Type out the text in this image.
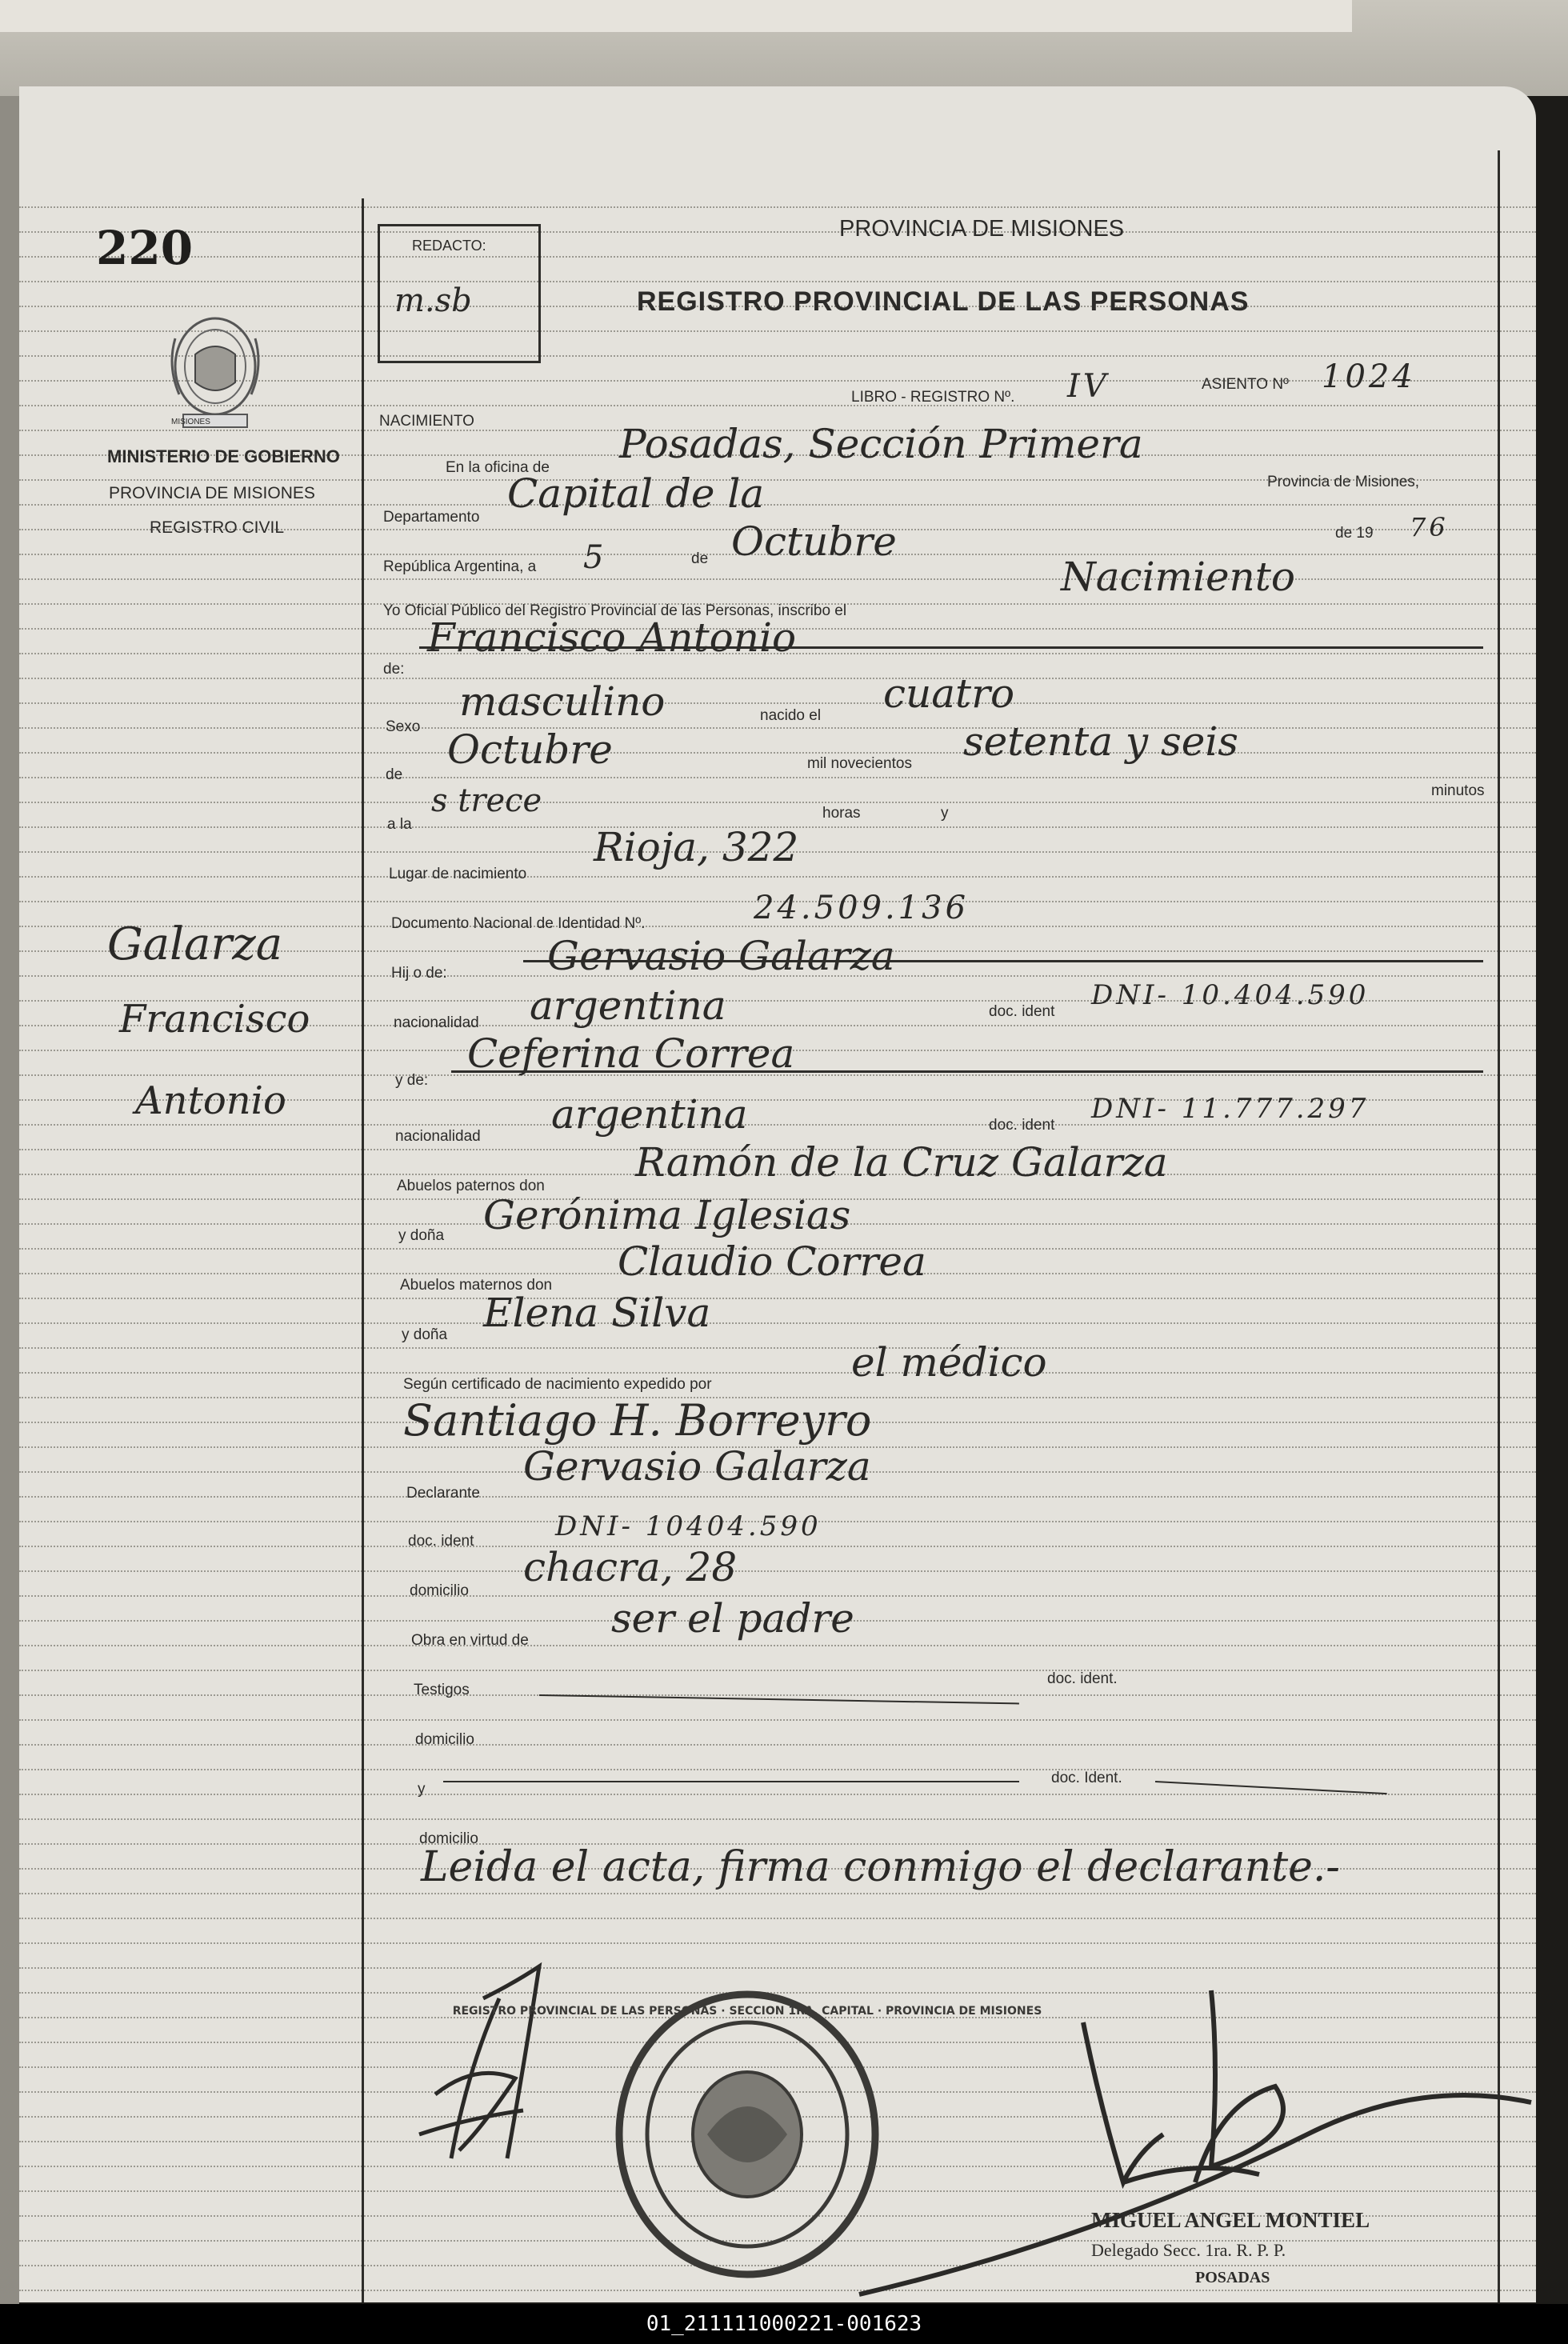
220
MISIONES
MINISTERIO DE GOBIERNO
PROVINCIA DE MISIONES
REGISTRO CIVIL
Galarza
Francisco
Antonio
REDACTO:
m.sb
PROVINCIA DE MISIONES
REGISTRO PROVINCIAL DE LAS PERSONAS
NACIMIENTO
LIBRO - REGISTRO Nº. IV	ASIENTO Nº 1024
En la oficina de
Posadas, Sección Primera
Provincia de Misiones,
Departamento
Capital de la
República Argentina, a 5	de Octubre	de 19 76
Yo Oficial Público del Registro Provincial de las Personas, inscribo el
Nacimiento
de:
Francisco Antonio
Sexo
masculino	nacido el cuatro
de
Octubre	mil novecientos setenta y seis
a la
s trece	horas	y
minutos
Lugar de nacimiento
Rioja, 322
Documento Nacional de Identidad Nº.	24.509.136
Hij o de:	Gervasio Galarza
nacionalidad argentina	doc. ident
DNI- 10.404.590
y de:
Ceferina Correa
nacionalidad argentina	doc. ident
DNI- 11.777.297
Abuelos paternos don
Ramón de la Cruz Galarza
y doña Gerónima Iglesias
Abuelos maternos don
Claudio Correa
y doña Elena Silva
Según certificado de nacimiento expedido por	el médico
Santiago H. Borreyro
Declarante
Gervasio Galarza
doc. ident	DNI- 10404.590
domicilio
chacra, 28
Obra en virtud de ser el padre
Testigos
doc. ident.
domicilio
y
doc. Ident.
domicilio
Leida el acta, firma conmigo el declarante.-
REGISTRO PROVINCIAL DE LAS PERSONAS · SECCION 1RA. CAPITAL · PROVINCIA DE MISIONES
MIGUEL ANGEL MONTIEL
Delegado Secc. 1ra. R. P. P.
POSADAS
01_211111000221-001623
